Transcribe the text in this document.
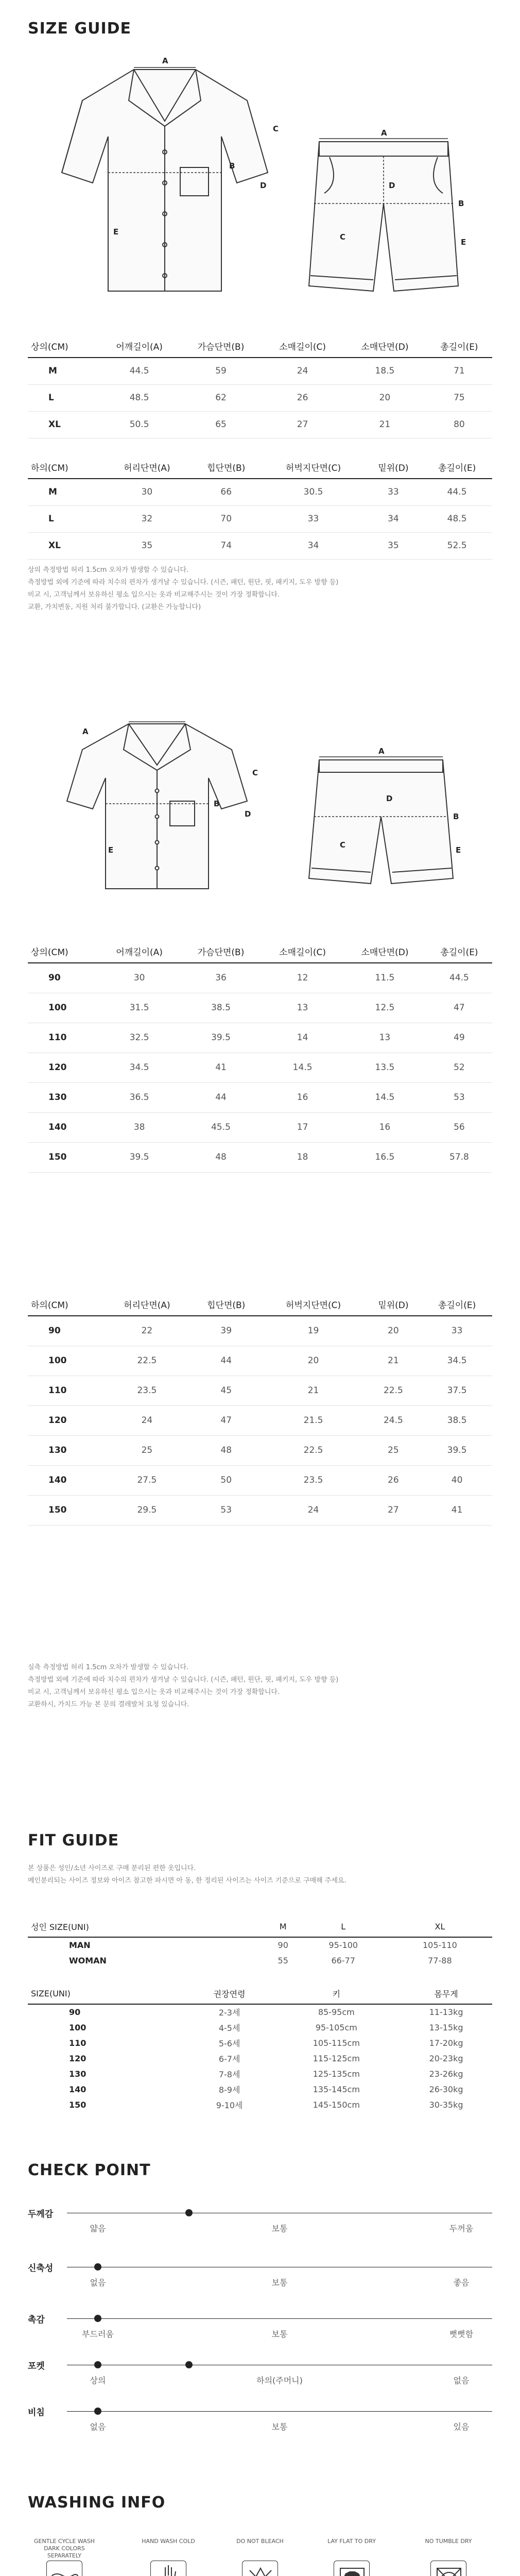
SIZE GUIDE
A
B
C
D
E
A
B
D
C
E
상의(CM)	어깨길이(A)	가슴단면(B)	소매길이(C)	소매단면(D)	총길이(E)
M	44.5	59	24	18.5	71
L	48.5	62	26	20	75
XL	50.5	65	27	21	80
하의(CM)	허리단면(A)	힙단면(B)	허벅지단면(C)	밑위(D)	총길이(E)
M	30	66	30.5	33	44.5
L	32	70	33	34	48.5
XL	35	74	34	35	52.5
상의 측정방법 허리 1.5cm 오차가 발생할 수 있습니다.
측정방법 외에 기준에 따라 치수의 편차가 생겨날 수 있습니다. (시즌, 패턴, 원단, 핏, 패키지, 도우 방향 등)
비교 시, 고객님께서 보유하신 평소 입으시는 옷과 비교해주시는 것이 가장 정확합니다.
교환, 가치변동, 지원 처리 불가합니다. (교환은 가능합니다)
A
B
C
D
E
A
B
D
C
E
상의(CM)	어깨길이(A)	가슴단면(B)	소매길이(C)	소매단면(D)	총길이(E)
90	30	36	12	11.5	44.5
100	31.5	38.5	13	12.5	47
110	32.5	39.5	14	13	49
120	34.5	41	14.5	13.5	52
130	36.5	44	16	14.5	53
140	38	45.5	17	16	56
150	39.5	48	18	16.5	57.8
하의(CM)	허리단면(A)	힙단면(B)	허벅지단면(C)	밑위(D)	총길이(E)
90	22	39	19	20	33
100	22.5	44	20	21	34.5
110	23.5	45	21	22.5	37.5
120	24	47	21.5	24.5	38.5
130	25	48	22.5	25	39.5
140	27.5	50	23.5	26	40
150	29.5	53	24	27	41
실측 측정방법 허리 1.5cm 오차가 발생할 수 있습니다.
측정방법 외에 기준에 따라 치수의 편차가 생겨날 수 있습니다. (시즌, 패턴, 원단, 핏, 패키지, 도우 방향 등)
비교 시, 고객님께서 보유하신 평소 입으시는 옷과 비교해주시는 것이 가장 정확합니다.
교환하시, 가치드 가능 본 문의 결레발처 요청 있습니다.
FIT GUIDE
본 상품은 성인/소년 사이즈로 구매 분리된 편한 옷입니다.
메인분리되는 사이즈 정보와 아이즈 참고한 파시면 아 동, 한 정리된 사이즈는 사이즈 기준으로 구매해 주세요.
성인 SIZE(UNI)	M	L	XL
MAN	90	95-100	105-110
WOMAN	55	66-77	77-88
SIZE(UNI)	권장연령	키	몸무게
90	2-3세	85-95cm	11-13kg
100	4-5세	95-105cm	13-15kg
110	5-6세	105-115cm	17-20kg
120	6-7세	115-125cm	20-23kg
130	7-8세	125-135cm	23-26kg
140	8-9세	135-145cm	26-30kg
150	9-10세	145-150cm	30-35kg
CHECK POINT
두께감
얇음	보통	두꺼움
신축성
없음	보통	좋음
촉감
부드러움	보통	뻣뻣함
포켓
상의	하의(주머니)	없음
비침
없음	보통	있음
WASHING INFO
GENTLE CYCLE WASH DARK COLORS SEPARATELY
HAND WASH COLD	DO NOT BLEACH	LAY FLAT TO DRY	NO TUMBLE DRY
